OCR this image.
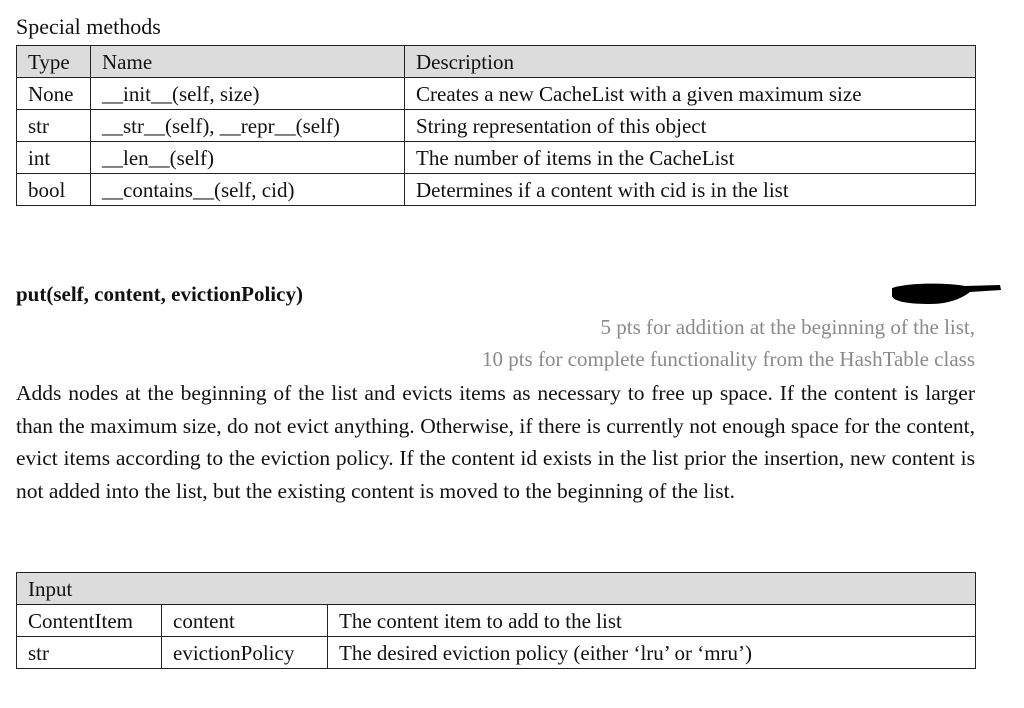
Special methods
Type	Name	Description
None	__init__(self, size)	Creates a new CacheList with a given maximum size
str	__str__(self), __repr__(self)	String representation of this object
int	__len__(self)	The number of items in the CacheList
bool	__contains__(self, cid)	Determines if a content with cid is in the list
put(self, content, evictionPolicy)
5 pts for addition at the beginning of the list,
10 pts for complete functionality from the HashTable class

Adds nodes at the beginning of the list and evicts items as necessary to free up space. If the content is larger than the maximum size, do not evict anything. Otherwise, if there is currently not enough space for the content, evict items according to the eviction policy. If the content id exists in the list prior the insertion, new content is not added into the list, but the existing content is moved to the beginning of the list.

Input		
ContentItem	content	The content item to add to the list
str	evictionPolicy	The desired eviction policy (either ‘lru’ or ‘mru’)
